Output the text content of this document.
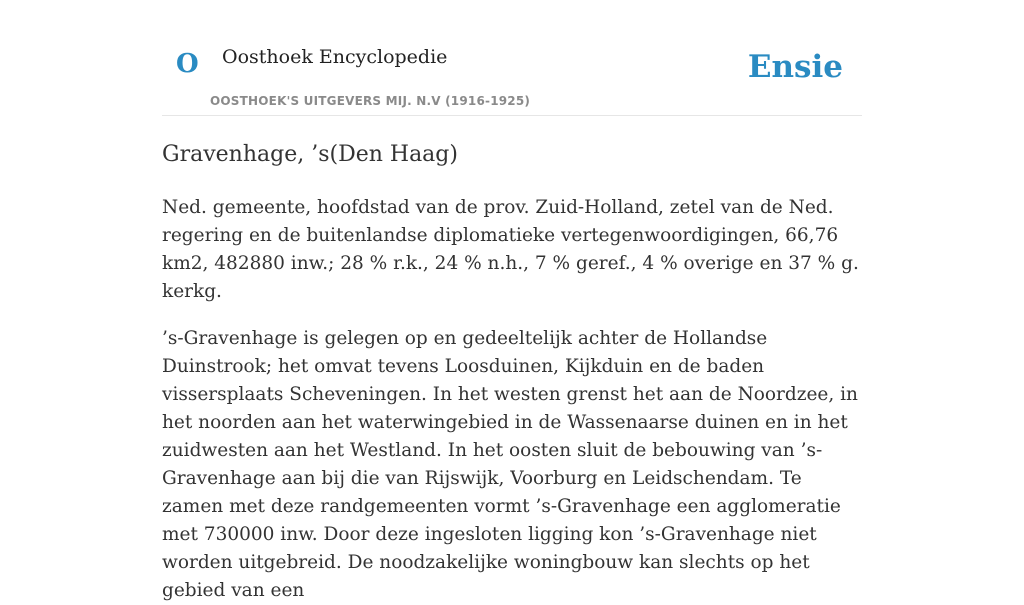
O Oosthoek Encyclopedie
OOSTHOEK'S UITGEVERS MIJ. N.V (1916-1925)
Ensie
Gravenhage, ’s(Den Haag)

Ned. gemeente, hoofdstad van de prov. Zuid-Holland, zetel van de Ned. regering en de buitenlandse diplomatieke vertegenwoordigingen, 66,76 km2, 482880 inw.; 28 % r.k., 24 % n.h., 7 % geref., 4 % overige en 37 % g. kerkg.

’s-Gravenhage is gelegen op en gedeeltelijk achter de Hollandse Duinstrook; het omvat tevens Loosduinen, Kijkduin en de baden vissersplaats Scheveningen. In het westen grenst het aan de Noordzee, in het noorden aan het waterwingebied in de Wassenaarse duinen en in het zuidwesten aan het Westland. In het oosten sluit de bebouwing van ’s-Gravenhage aan bij die van Rijswijk, Voorburg en Leidschendam. Te zamen met deze randgemeenten vormt ’s-Gravenhage een agglomeratie met 730000 inw. Door deze ingesloten ligging kon ’s-Gravenhage niet worden uitgebreid. De noodzakelijke woningbouw kan slechts op het gebied van een
